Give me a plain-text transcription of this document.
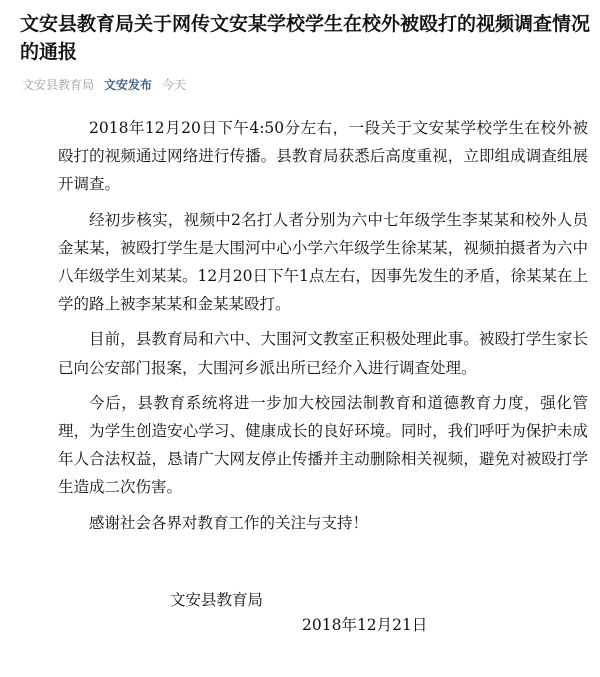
文安县教育局关于网传文安某学校学生在校外被殴打的视频调查情况的通报
文安县教育局 文安发布 今天

2018年12月20日下午4:50分左右，一段关于文安某学校学生在校外被殴打的视频通过网络进行传播。县教育局获悉后高度重视，立即组成调查组展开调查。

经初步核实，视频中2名打人者分别为六中七年级学生李某某和校外人员金某某，被殴打学生是大围河中心小学六年级学生徐某某，视频拍摄者为六中八年级学生刘某某。12月20日下午1点左右，因事先发生的矛盾，徐某某在上学的路上被李某某和金某某殴打。

目前，县教育局和六中、大围河文教室正积极处理此事。被殴打学生家长已向公安部门报案，大围河乡派出所已经介入进行调查处理。

今后，县教育系统将进一步加大校园法制教育和道德教育力度，强化管理，为学生创造安心学习、健康成长的良好环境。同时，我们呼吁为保护未成年人合法权益，恳请广大网友停止传播并主动删除相关视频，避免对被殴打学生造成二次伤害。

感谢社会各界对教育工作的关注与支持！

文安县教育局
2018年12月21日
